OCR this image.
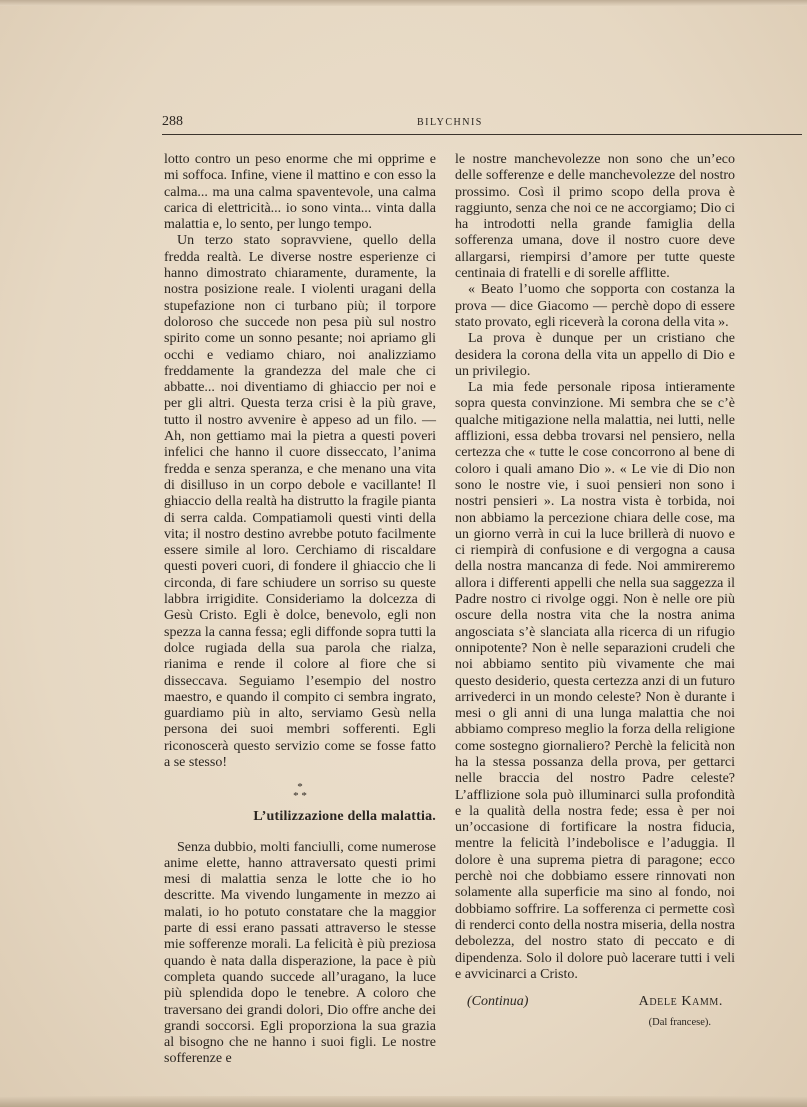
288	BILYCHNIS

lotto contro un peso enorme che mi opprime e mi soffoca. Infine, viene il mattino e con esso la calma... ma una calma spaventevole, una calma carica di elettricità... io sono vinta... vinta dalla malattia e, lo sento, per lungo tempo.

Un terzo stato sopravviene, quello della fredda realtà. Le diverse nostre esperienze ci hanno dimostrato chiaramente, duramente, la nostra posizione reale. I violenti uragani della stupefazione non ci turbano più; il torpore doloroso che succede non pesa più sul nostro spirito come un sonno pesante; noi apriamo gli occhi e vediamo chiaro, noi analizziamo freddamente la grandezza del male che ci abbatte... noi diventiamo di ghiaccio per noi e per gli altri. Questa terza crisi è la più grave, tutto il nostro avvenire è appeso ad un filo. — Ah, non gettiamo mai la pietra a questi poveri infelici che hanno il cuore disseccato, l’anima fredda e senza speranza, e che menano una vita di disilluso in un corpo debole e vacillante! Il ghiaccio della realtà ha distrutto la fragile pianta di serra calda. Compatiamoli questi vinti della vita; il nostro destino avrebbe potuto facilmente essere simile al loro. Cerchiamo di riscaldare questi poveri cuori, di fondere il ghiaccio che li circonda, di fare schiudere un sorriso su queste labbra irrigidite. Consideriamo la dolcezza di Gesù Cristo. Egli è dolce, benevolo, egli non spezza la canna fessa; egli diffonde sopra tutti la dolce rugiada della sua parola che rialza, rianima e rende il colore al fiore che si disseccava. Seguiamo l’esempio del nostro maestro, e quando il compito ci sembra ingrato, guardiamo più in alto, serviamo Gesù nella persona dei suoi membri sofferenti. Egli riconoscerà questo servizio come se fosse fatto a se stesso!

*
* *
L’utilizzazione della malattia.

Senza dubbio, molti fanciulli, come numerose anime elette, hanno attraversato questi primi mesi di malattia senza le lotte che io ho descritte. Ma vivendo lungamente in mezzo ai malati, io ho potuto constatare che la maggior parte di essi erano passati attraverso le stesse mie sofferenze morali. La felicità è più preziosa quando è nata dalla disperazione, la pace è più completa quando succede all’uragano, la luce più splendida dopo le tenebre. A coloro che traversano dei grandi dolori, Dio offre anche dei grandi soccorsi. Egli proporziona la sua grazia al bisogno che ne hanno i suoi figli. Le nostre sofferenze e

le nostre manchevolezze non sono che un’eco delle sofferenze e delle manchevolezze del nostro prossimo. Così il primo scopo della prova è raggiunto, senza che noi ce ne accorgiamo; Dio ci ha introdotti nella grande famiglia della sofferenza umana, dove il nostro cuore deve allargarsi, riempirsi d’amore per tutte queste centinaia di fratelli e di sorelle afflitte.

« Beato l’uomo che sopporta con costanza la prova — dice Giacomo — perchè dopo di essere stato provato, egli riceverà la corona della vita ».

La prova è dunque per un cristiano che desidera la corona della vita un appello di Dio e un privilegio.

La mia fede personale riposa intieramente sopra questa convinzione. Mi sembra che se c’è qualche mitigazione nella malattia, nei lutti, nelle afflizioni, essa debba trovarsi nel pensiero, nella certezza che « tutte le cose concorrono al bene di coloro i quali amano Dio ». « Le vie di Dio non sono le nostre vie, i suoi pensieri non sono i nostri pensieri ». La nostra vista è torbida, noi non abbiamo la percezione chiara delle cose, ma un giorno verrà in cui la luce brillerà di nuovo e ci riempirà di confusione e di vergogna a causa della nostra mancanza di fede. Noi ammireremo allora i differenti appelli che nella sua saggezza il Padre nostro ci rivolge oggi. Non è nelle ore più oscure della nostra vita che la nostra anima angosciata s’è slanciata alla ricerca di un rifugio onnipotente? Non è nelle separazioni crudeli che noi abbiamo sentito più vivamente che mai questo desiderio, questa certezza anzi di un futuro arrivederci in un mondo celeste? Non è durante i mesi o gli anni di una lunga malattia che noi abbiamo compreso meglio la forza della religione come sostegno giornaliero? Perchè la felicità non ha la stessa possanza della prova, per gettarci nelle braccia del nostro Padre celeste? L’afflizione sola può illuminarci sulla profondità e la qualità della nostra fede; essa è per noi un’occasione di fortificare la nostra fiducia, mentre la felicità l’indebolisce e l’aduggia. Il dolore è una suprema pietra di paragone; ecco perchè noi che dobbiamo essere rinnovati non solamente alla superficie ma sino al fondo, noi dobbiamo soffrire. La sofferenza ci permette così di renderci conto della nostra miseria, della nostra debolezza, del nostro stato di peccato e di dipendenza. Solo il dolore può lacerare tutti i veli e avvicinarci a Cristo.

(Continua)	Adele Kamm.
(Dal francese).
